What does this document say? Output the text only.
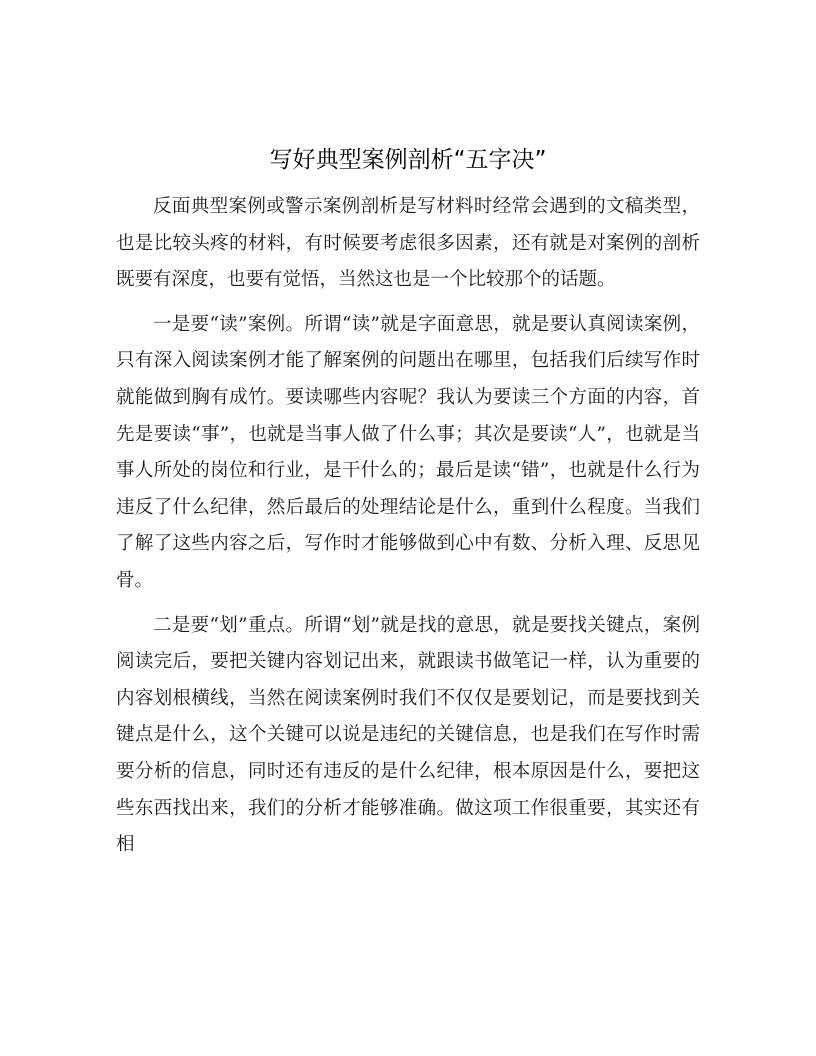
写好典型案例剖析“五字决”

反面典型案例或警示案例剖析是写材料时经常会遇到的文稿类型，也是比较头疼的材料，有时候要考虑很多因素，还有就是对案例的剖析既要有深度，也要有觉悟，当然这也是一个比较那个的话题。

一是要“读”案例。所谓“读”就是字面意思，就是要认真阅读案例，只有深入阅读案例才能了解案例的问题出在哪里，包括我们后续写作时就能做到胸有成竹。要读哪些内容呢？我认为要读三个方面的内容，首先是要读“事”，也就是当事人做了什么事；其次是要读“人”，也就是当事人所处的岗位和行业，是干什么的；最后是读“错”，也就是什么行为违反了什么纪律，然后最后的处理结论是什么，重到什么程度。当我们了解了这些内容之后，写作时才能够做到心中有数、分析入理、反思见骨。

二是要“划”重点。所谓“划”就是找的意思，就是要找关键点，案例阅读完后，要把关键内容划记出来，就跟读书做笔记一样，认为重要的内容划根横线，当然在阅读案例时我们不仅仅是要划记，而是要找到关键点是什么，这个关键可以说是违纪的关键信息，也是我们在写作时需要分析的信息，同时还有违反的是什么纪律，根本原因是什么，要把这些东西找出来，我们的分析才能够准确。做这项工作很重要，其实还有相
